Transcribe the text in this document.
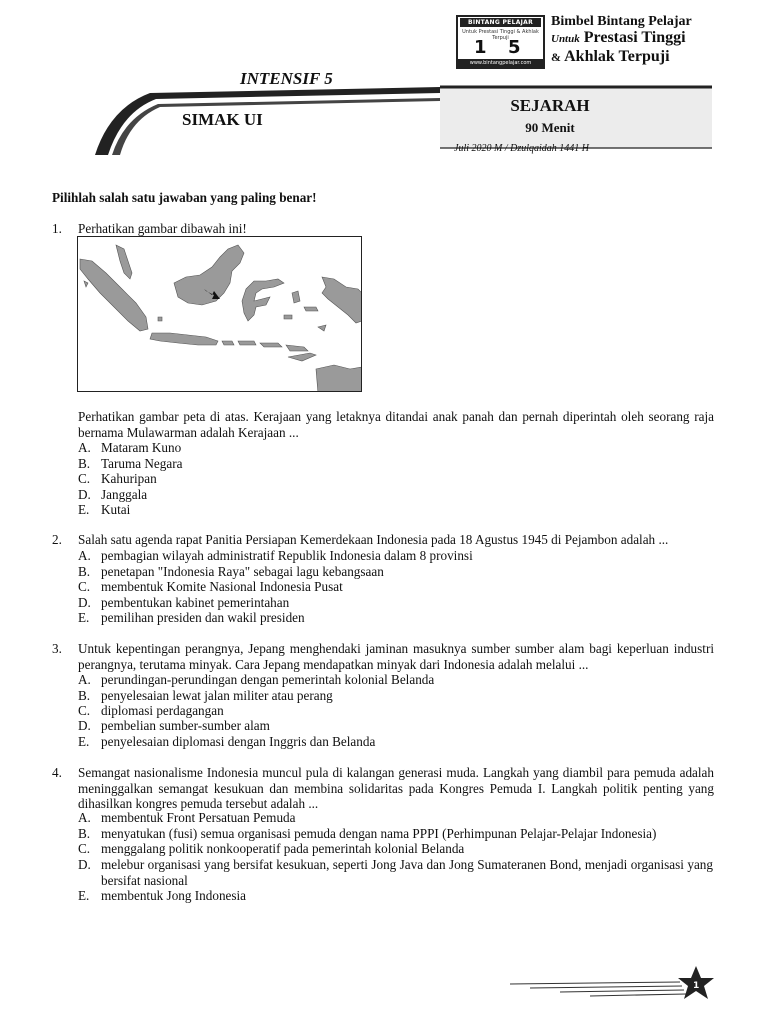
INTENSIF 5
SIMAK UI
SEJARAH
90 Menit
Juli 2020 M / Dzulqaidah 1441 H
BINTANG PELAJAR
Untuk Prestasi Tinggi & Akhlak Terpuji
1 5
www.bintangpelajar.com
Bimbel Bintang Pelajar
Untuk Prestasi Tinggi
& Akhlak Terpuji
Pilihlah salah satu jawaban yang paling benar!
1. Perhatikan gambar dibawah ini!
Perhatikan gambar peta di atas. Kerajaan yang letaknya ditandai anak panah dan pernah diperintah oleh seorang raja bernama Mulawarman adalah Kerajaan ...
A. Mataram Kuno
B. Taruma Negara
C. Kahuripan
D. Janggala
E. Kutai
2. Salah satu agenda rapat Panitia Persiapan Kemerdekaan Indonesia pada 18 Agustus 1945 di Pejambon adalah ...
A. pembagian wilayah administratif Republik Indonesia dalam 8 provinsi
B. penetapan "Indonesia Raya" sebagai lagu kebangsaan
C. membentuk Komite Nasional Indonesia Pusat
D. pembentukan kabinet pemerintahan
E. pemilihan presiden dan wakil presiden
3. Untuk kepentingan perangnya, Jepang menghendaki jaminan masuknya sumber sumber alam bagi keperluan industri perangnya, terutama minyak. Cara Jepang mendapatkan minyak dari Indonesia adalah melalui ...
A. perundingan-perundingan dengan pemerintah kolonial Belanda
B. penyelesaian lewat jalan militer atau perang
C. diplomasi perdagangan
D. pembelian sumber-sumber alam
E. penyelesaian diplomasi dengan Inggris dan Belanda
4. Semangat nasionalisme Indonesia muncul pula di kalangan generasi muda. Langkah yang diambil para pemuda adalah meninggalkan semangat kesukuan dan membina solidaritas pada Kongres Pemuda I. Langkah politik penting yang dihasilkan kongres pemuda tersebut adalah ...
A. membentuk Front Persatuan Pemuda
B. menyatukan (fusi) semua organisasi pemuda dengan nama PPPI (Perhimpunan Pelajar-Pelajar Indonesia)
C. menggalang politik nonkooperatif pada pemerintah kolonial Belanda
D. melebur organisasi yang bersifat kesukuan, seperti Jong Java dan Jong Sumateranen Bond, menjadi organisasi yang bersifat nasional
E. membentuk Jong Indonesia
1
